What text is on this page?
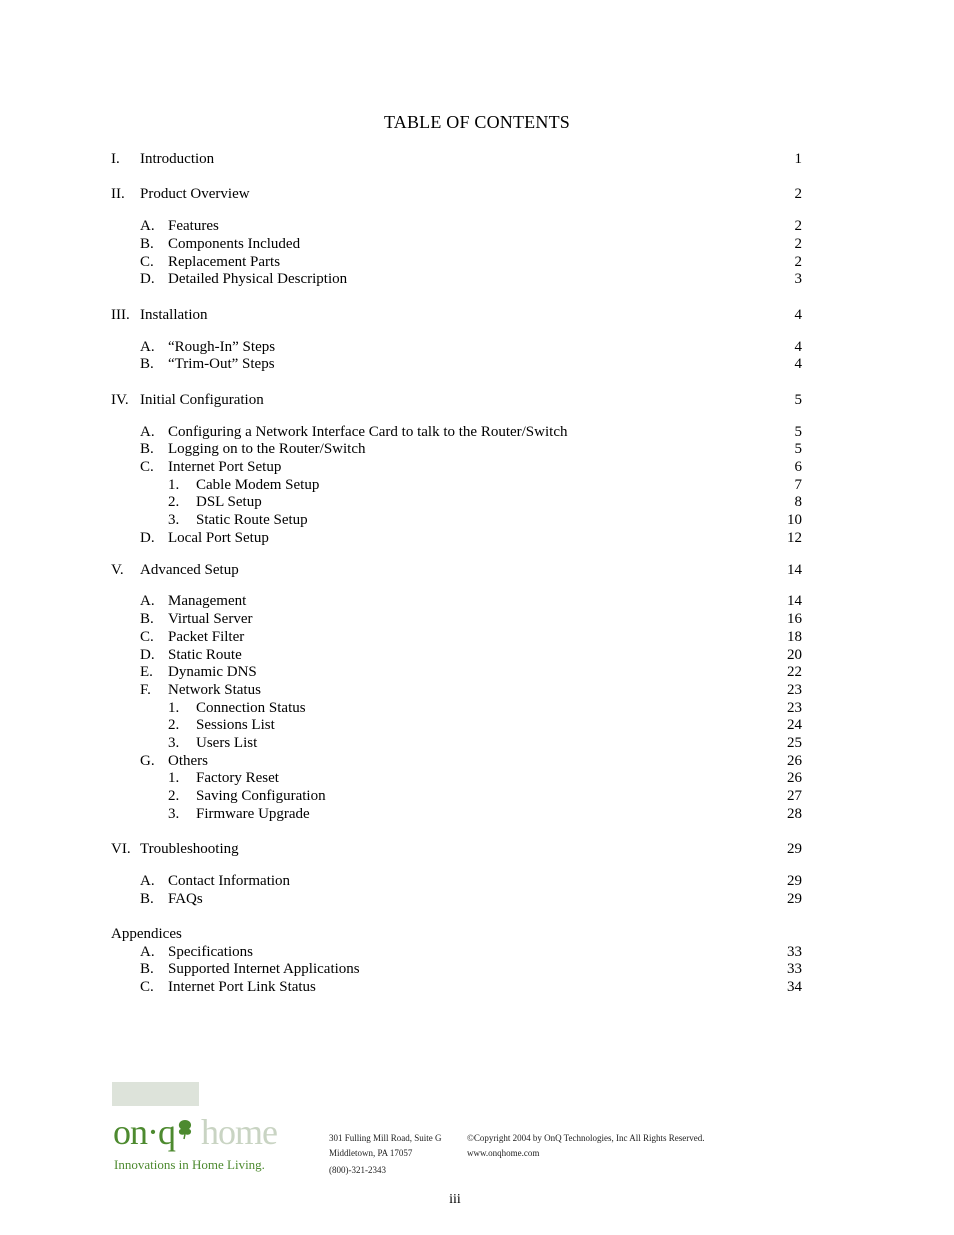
TABLE OF CONTENTS
I. Introduction	1
II. Product Overview	2
A. Features	2
B. Components Included	2
C. Replacement Parts	2
D. Detailed Physical Description	3
III. Installation	4
A. “Rough-In” Steps	4
B. “Trim-Out” Steps	4
IV. Initial Configuration	5
A. Configuring a Network Interface Card to talk to the Router/Switch	5
B. Logging on to the Router/Switch	5
C. Internet Port Setup	6
1. Cable Modem Setup	7
2. DSL Setup	8
3. Static Route Setup	10
D. Local Port Setup	12
V. Advanced Setup	14
A. Management	14
B. Virtual Server	16
C. Packet Filter	18
D. Static Route	20
E. Dynamic DNS	22
F. Network Status	23
1. Connection Status	23
2. Sessions List	24
3. Users List	25
G. Others	26
1. Factory Reset	26
2. Saving Configuration	27
3. Firmware Upgrade	28
VI. Troubleshooting	29
A. Contact Information	29
B. FAQs	29
Appendices
A. Specifications	33
B. Supported Internet Applications	33
C. Internet Port Link Status	34
on·q home
Innovations in Home Living.
301 Fulling Mill Road, Suite G
Middletown, PA 17057
(800)-321-2343
©Copyright 2004 by OnQ Technologies, Inc All Rights Reserved.
www.onqhome.com
iii
